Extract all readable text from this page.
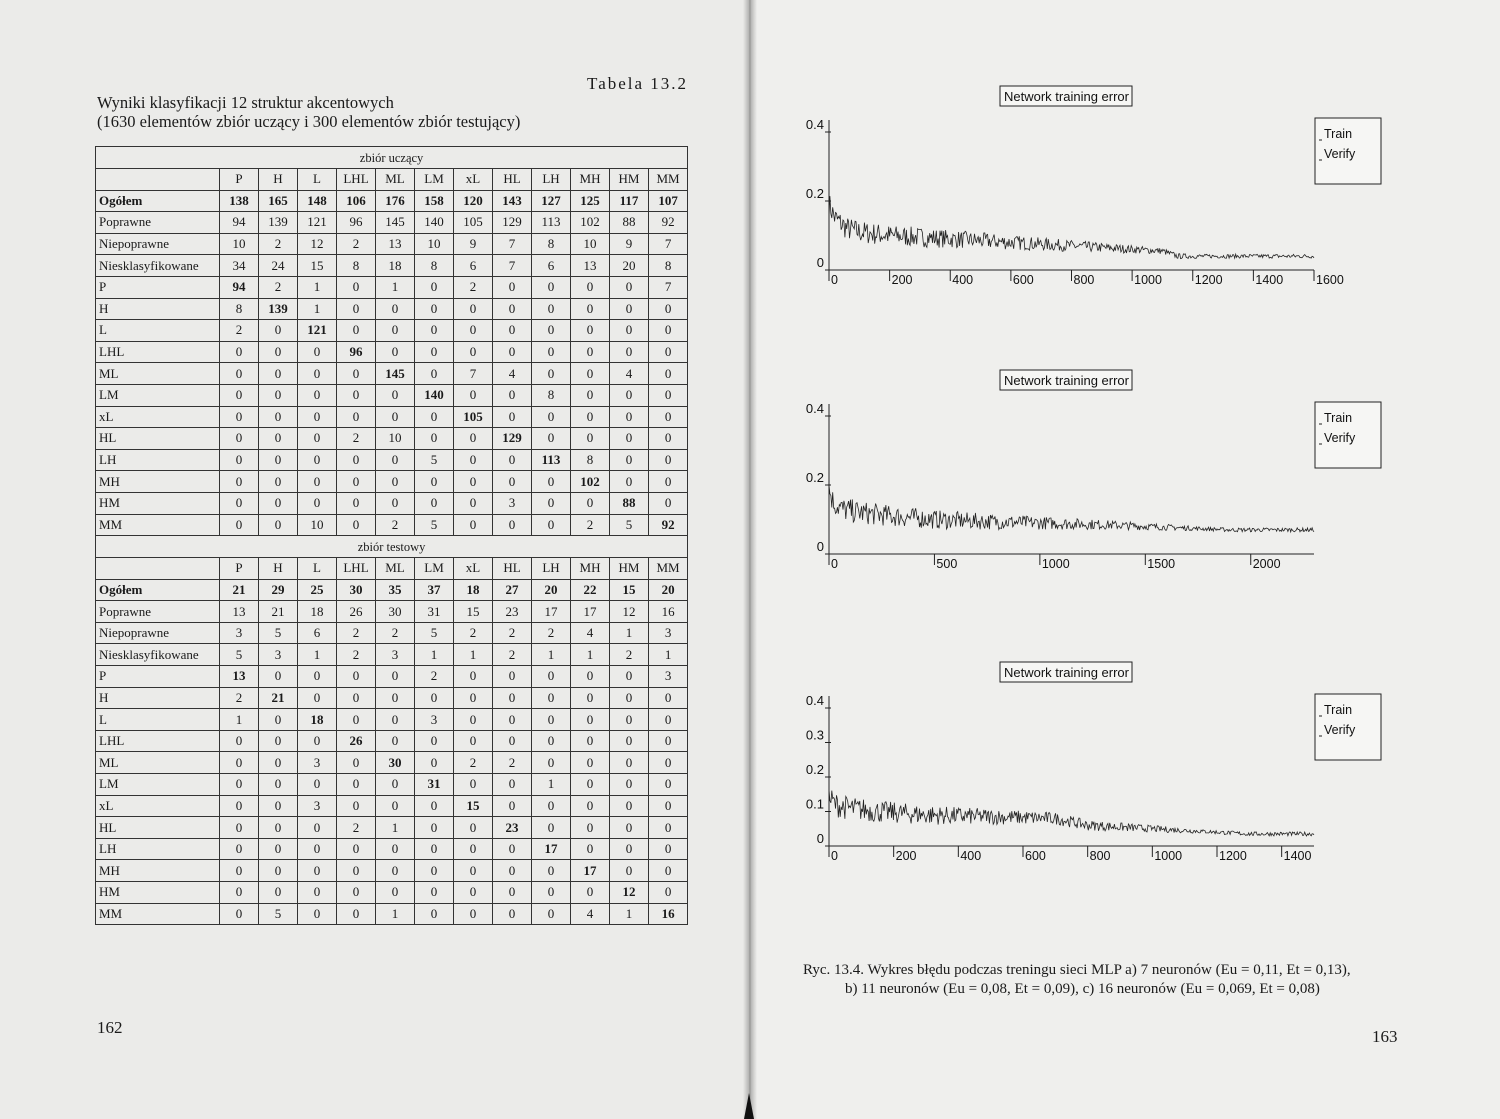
Tabela 13.2
Wyniki klasyfikacji 12 struktur akcentowych
(1630 elementów zbiór uczący i 300 elementów zbiór testujący)
zbiór uczący												
	P	H	L	LHL	ML	LM	xL	HL	LH	MH	HM	MM
Ogółem	138	165	148	106	176	158	120	143	127	125	117	107
Poprawne	94	139	121	96	145	140	105	129	113	102	88	92
Niepoprawne	10	2	12	2	13	10	9	7	8	10	9	7
Niesklasyfikowane	34	24	15	8	18	8	6	7	6	13	20	8
P	94	2	1	0	1	0	2	0	0	0	0	7
H	8	139	1	0	0	0	0	0	0	0	0	0
L	2	0	121	0	0	0	0	0	0	0	0	0
LHL	0	0	0	96	0	0	0	0	0	0	0	0
ML	0	0	0	0	145	0	7	4	0	0	4	0
LM	0	0	0	0	0	140	0	0	8	0	0	0
xL	0	0	0	0	0	0	105	0	0	0	0	0
HL	0	0	0	2	10	0	0	129	0	0	0	0
LH	0	0	0	0	0	5	0	0	113	8	0	0
MH	0	0	0	0	0	0	0	0	0	102	0	0
HM	0	0	0	0	0	0	0	3	0	0	88	0
MM	0	0	10	0	2	5	0	0	0	2	5	92
zbiór testowy												
	P	H	L	LHL	ML	LM	xL	HL	LH	MH	HM	MM
Ogółem	21	29	25	30	35	37	18	27	20	22	15	20
Poprawne	13	21	18	26	30	31	15	23	17	17	12	16
Niepoprawne	3	5	6	2	2	5	2	2	2	4	1	3
Niesklasyfikowane	5	3	1	2	3	1	1	2	1	1	2	1
P	13	0	0	0	0	2	0	0	0	0	0	3
H	2	21	0	0	0	0	0	0	0	0	0	0
L	1	0	18	0	0	3	0	0	0	0	0	0
LHL	0	0	0	26	0	0	0	0	0	0	0	0
ML	0	0	3	0	30	0	2	2	0	0	0	0
LM	0	0	0	0	0	31	0	0	1	0	0	0
xL	0	0	3	0	0	0	15	0	0	0	0	0
HL	0	0	0	2	1	0	0	23	0	0	0	0
LH	0	0	0	0	0	0	0	0	17	0	0	0
MH	0	0	0	0	0	0	0	0	0	17	0	0
HM	0	0	0	0	0	0	0	0	0	0	12	0
MM	0	5	0	0	1	0	0	0	0	4	1	16
162	163
Network training error
Train
Verify
0
0.2
0.4
0	200	400	600	800	1000	1200	1400	1600
Network training error
Train
Verify
0
0.2
0.4
0	500	1000	1500	2000
Network training error
Train
Verify
0
0.1
0.2
0.3
0.4
0	200	400	600	800	1000	1200	1400
Ryc. 13.4. Wykres błędu podczas treningu sieci MLP a) 7 neuronów (Eu = 0,11, Et = 0,13),
b) 11 neuronów (Eu = 0,08, Et = 0,09), c) 16 neuronów (Eu = 0,069, Et = 0,08)
